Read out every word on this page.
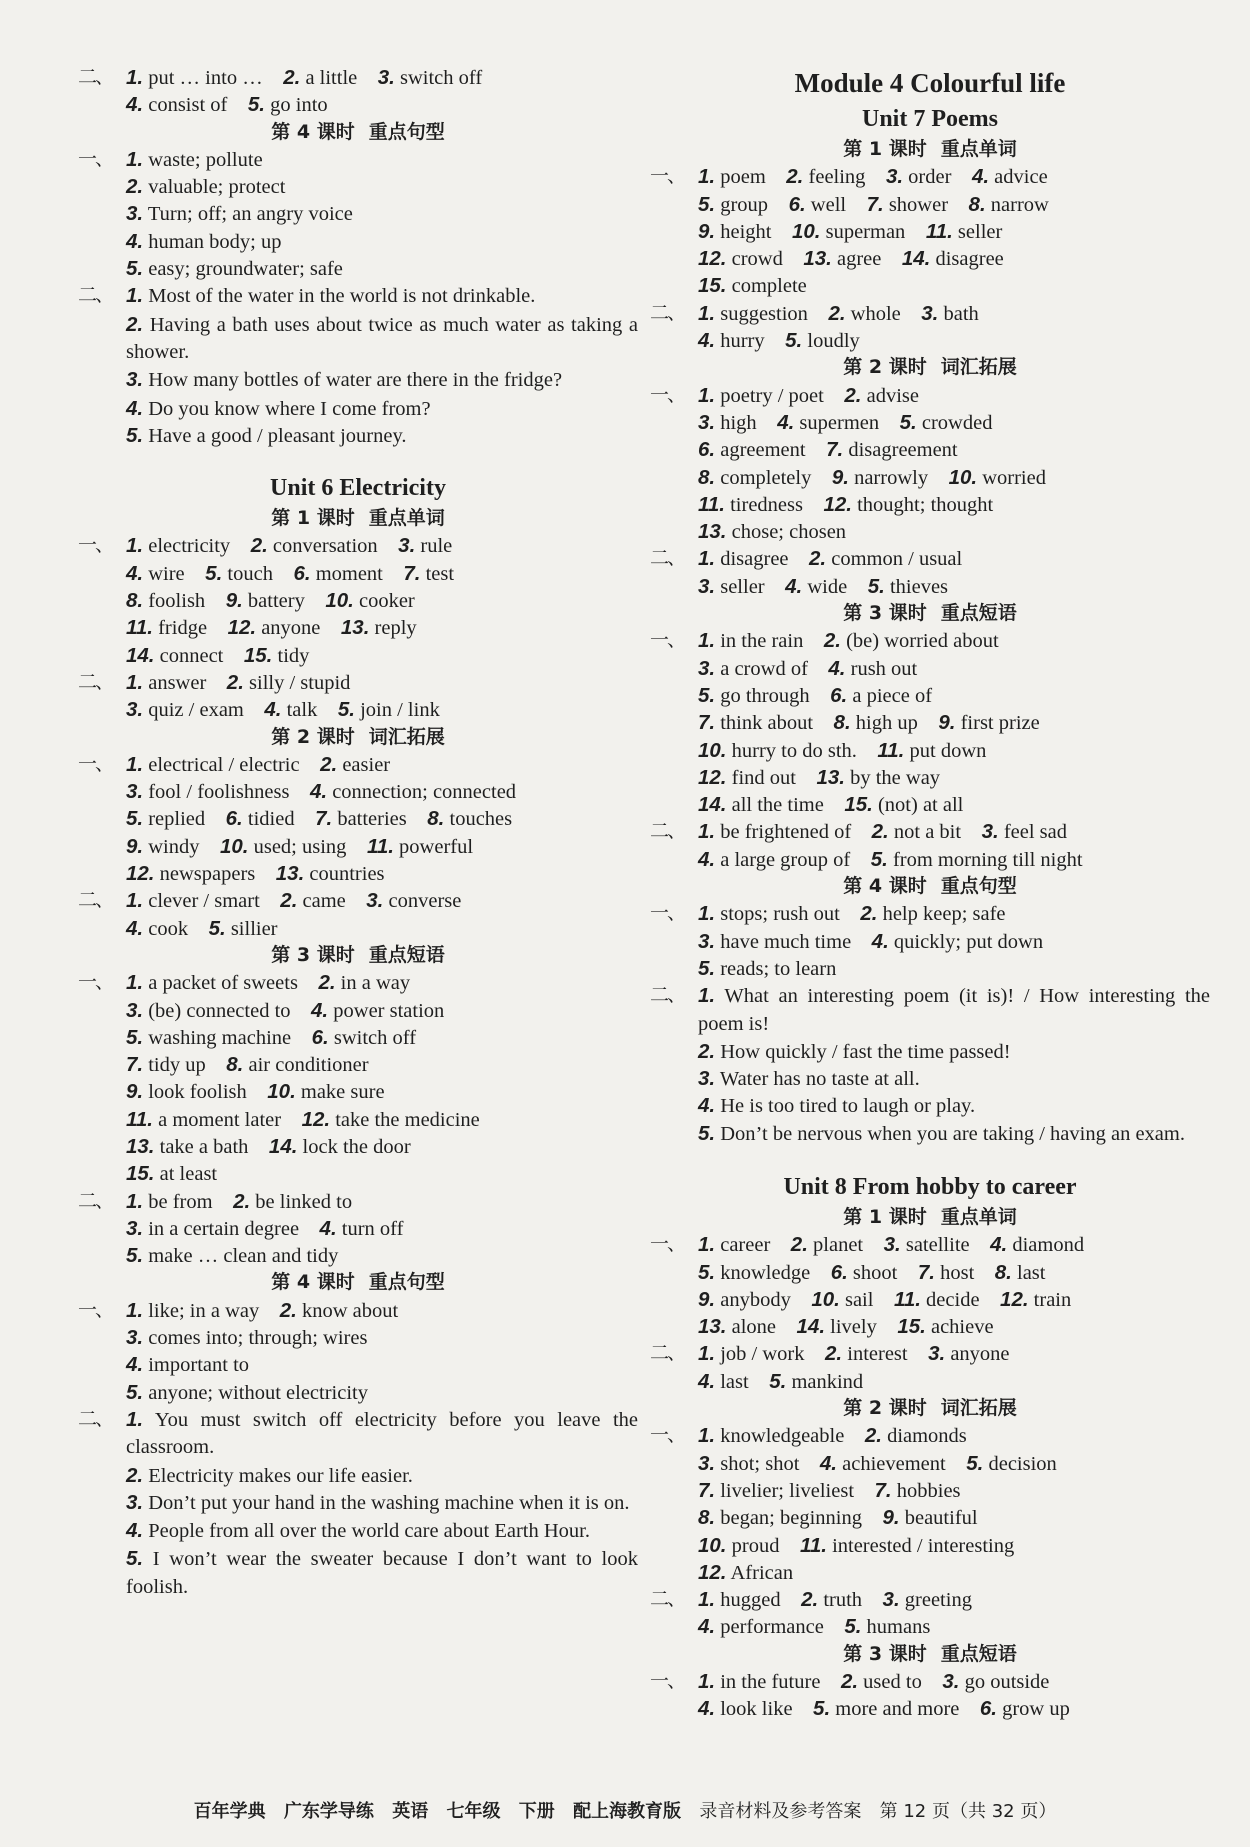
二、 1. put … into …  2. a little  3. switch off
4. consist of  5. go into
第 4 课时 重点句型
一、 1. waste; pollute
2. valuable; protect
3. Turn; off; an angry voice
4. human body; up
5. easy; groundwater; safe
二、 1. Most of the water in the world is not drinkable.
2. Having a bath uses about twice as much water as taking a shower.
3. How many bottles of water are there in the fridge?
4. Do you know where I come from?
5. Have a good / pleasant journey.
Unit 6 Electricity
第 1 课时 重点单词
一、 1. electricity  2. conversation  3. rule
4. wire  5. touch  6. moment  7. test
8. foolish  9. battery  10. cooker
11. fridge  12. anyone  13. reply
14. connect  15. tidy
二、 1. answer  2. silly / stupid
3. quiz / exam  4. talk  5. join / link
第 2 课时 词汇拓展
一、 1. electrical / electric  2. easier
3. fool / foolishness  4. connection; connected
5. replied  6. tidied  7. batteries  8. touches
9. windy  10. used; using  11. powerful
12. newspapers  13. countries
二、 1. clever / smart  2. came  3. converse
4. cook  5. sillier
第 3 课时 重点短语
一、 1. a packet of sweets  2. in a way
3. (be) connected to  4. power station
5. washing machine  6. switch off
7. tidy up  8. air conditioner
9. look foolish  10. make sure
11. a moment later  12. take the medicine
13. take a bath  14. lock the door
15. at least
二、 1. be from  2. be linked to
3. in a certain degree  4. turn off
5. make … clean and tidy
第 4 课时 重点句型
一、 1. like; in a way  2. know about
3. comes into; through; wires
4. important to
5. anyone; without electricity
二、 1. You must switch off electricity before you leave the classroom.
2. Electricity makes our life easier.
3. Don’t put your hand in the washing machine when it is on.
4. People from all over the world care about Earth Hour.
5. I won’t wear the sweater because I don’t want to look foolish.
Module 4 Colourful life
Unit 7 Poems
第 1 课时 重点单词
一、 1. poem  2. feeling  3. order  4. advice
5. group  6. well  7. shower  8. narrow
9. height  10. superman  11. seller
12. crowd  13. agree  14. disagree
15. complete
二、 1. suggestion  2. whole  3. bath
4. hurry  5. loudly
第 2 课时 词汇拓展
一、 1. poetry / poet  2. advise
3. high  4. supermen  5. crowded
6. agreement  7. disagreement
8. completely  9. narrowly  10. worried
11. tiredness  12. thought; thought
13. chose; chosen
二、 1. disagree  2. common / usual
3. seller  4. wide  5. thieves
第 3 课时 重点短语
一、 1. in the rain  2. (be) worried about
3. a crowd of  4. rush out
5. go through  6. a piece of
7. think about  8. high up  9. first prize
10. hurry to do sth.  11. put down
12. find out  13. by the way
14. all the time  15. (not) at all
二、 1. be frightened of  2. not a bit  3. feel sad
4. a large group of  5. from morning till night
第 4 课时 重点句型
一、 1. stops; rush out  2. help keep; safe
3. have much time  4. quickly; put down
5. reads; to learn
二、 1. What an interesting poem (it is)! / How interesting the poem is!
2. How quickly / fast the time passed!
3. Water has no taste at all.
4. He is too tired to laugh or play.
5. Don’t be nervous when you are taking / having an exam.
Unit 8 From hobby to career
第 1 课时 重点单词
一、 1. career  2. planet  3. satellite  4. diamond
5. knowledge  6. shoot  7. host  8. last
9. anybody  10. sail  11. decide  12. train
13. alone  14. lively  15. achieve
二、 1. job / work  2. interest  3. anyone
4. last  5. mankind
第 2 课时 词汇拓展
一、 1. knowledgeable  2. diamonds
3. shot; shot  4. achievement  5. decision
7. livelier; liveliest  7. hobbies
8. began; beginning  9. beautiful
10. proud  11. interested / interesting
12. African
二、 1. hugged  2. truth  3. greeting
4. performance  5. humans
第 3 课时 重点短语
一、 1. in the future  2. used to  3. go outside
4. look like  5. more and more  6. grow up
百年学典 广东学导练 英语 七年级 下册 配上海教育版 录音材料及参考答案 第 12 页（共 32 页）
